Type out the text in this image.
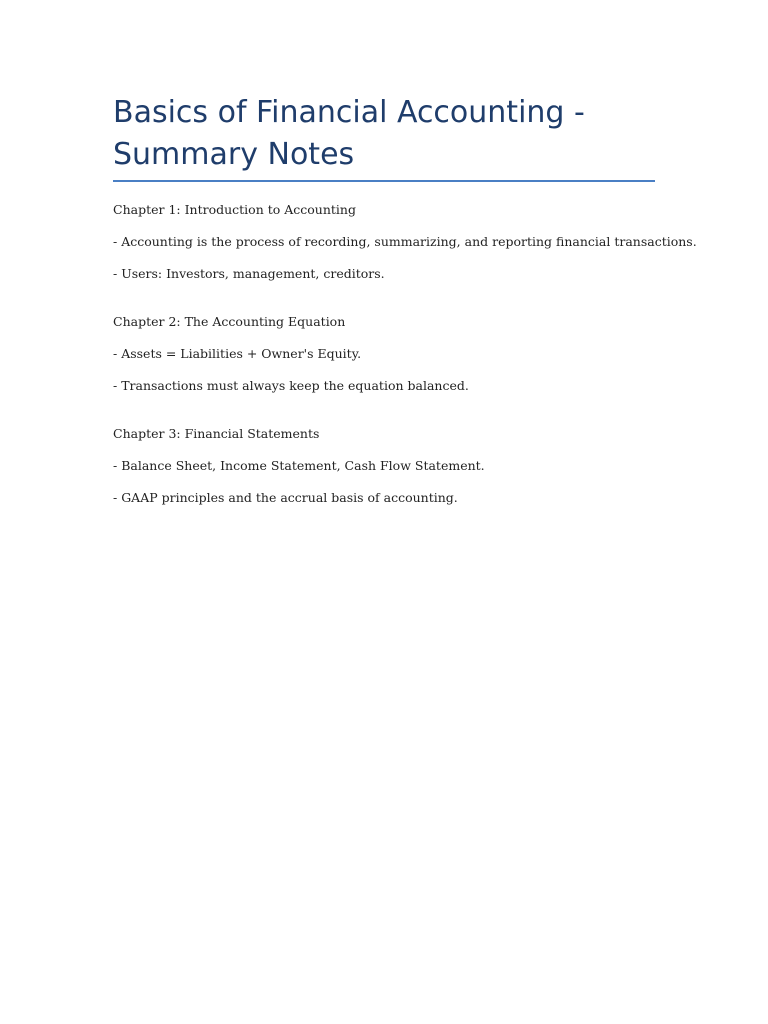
Basics of Financial Accounting - Summary Notes

Chapter 1: Introduction to Accounting

- Accounting is the process of recording, summarizing, and reporting financial transactions.

- Users: Investors, management, creditors.

Chapter 2: The Accounting Equation

- Assets = Liabilities + Owner's Equity.

- Transactions must always keep the equation balanced.

Chapter 3: Financial Statements

- Balance Sheet, Income Statement, Cash Flow Statement.

- GAAP principles and the accrual basis of accounting.
